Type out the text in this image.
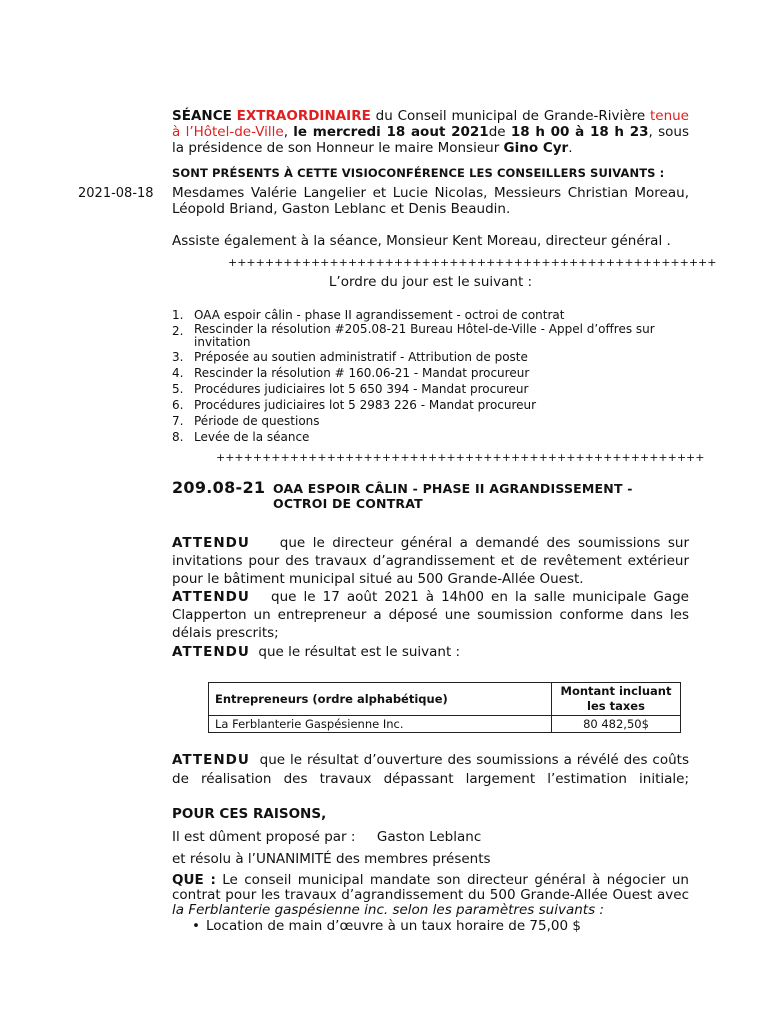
SÉANCE EXTRAORDINAIRE du Conseil municipal de Grande-Rivière tenue à l’Hôtel-de-Ville, le mercredi 18 aout 2021de 18 h 00 à 18 h 23, sous la présidence de son Honneur le maire Monsieur Gino Cyr.
SONT PRÉSENTS À CETTE VISIOCONFÉRENCE LES CONSEILLERS SUIVANTS :
2021-08-18 Mesdames Valérie Langelier et Lucie Nicolas, Messieurs Christian Moreau, Léopold Briand, Gaston Leblanc et Denis Beaudin.
Assiste également à la séance, Monsieur Kent Moreau, directeur général .
+++++++++++++++++++++++++++++++++++++++++++++++++++++
L’ordre du jour est le suivant :
1. OAA espoir câlin - phase II agrandissement - octroi de contrat
2. Rescinder la résolution #205.08-21 Bureau Hôtel-de-Ville - Appel d’offres sur invitation
3. Préposée au soutien administratif - Attribution de poste
4. Rescinder la résolution # 160.06-21 - Mandat procureur
5. Procédures judiciaires lot 5 650 394 - Mandat procureur
6. Procédures judiciaires lot 5 2983 226 - Mandat procureur
7. Période de questions
8. Levée de la séance
+++++++++++++++++++++++++++++++++++++++++++++++++++++
209.08-21 OAA ESPOIR CÂLIN - PHASE II AGRANDISSEMENT - OCTROI DE CONTRAT
ATTENDU que le directeur général a demandé des soumissions sur invitations pour des travaux d’agrandissement et de revêtement extérieur pour le bâtiment municipal situé au 500 Grande-Allée Ouest.
ATTENDU que le 17 août 2021 à 14h00 en la salle municipale Gage Clapperton un entrepreneur a déposé une soumission conforme dans les délais prescrits;
ATTENDU que le résultat est le suivant :
Entrepreneurs (ordre alphabétique)	Montant incluant les taxes
La Ferblanterie Gaspésienne Inc.	80 482,50$
ATTENDU que le résultat d’ouverture des soumissions a révélé des coûts de réalisation des travaux dépassant largement l’estimation initiale;
POUR CES RAISONS,
Il est dûment proposé par : Gaston Leblanc
et résolu à l’UNANIMITÉ des membres présents
QUE : Le conseil municipal mandate son directeur général à négocier un contrat pour les travaux d’agrandissement du 500 Grande-Allée Ouest avec la Ferblanterie gaspésienne inc. selon les paramètres suivants :
• Location de main d’œuvre à un taux horaire de 75,00 $
